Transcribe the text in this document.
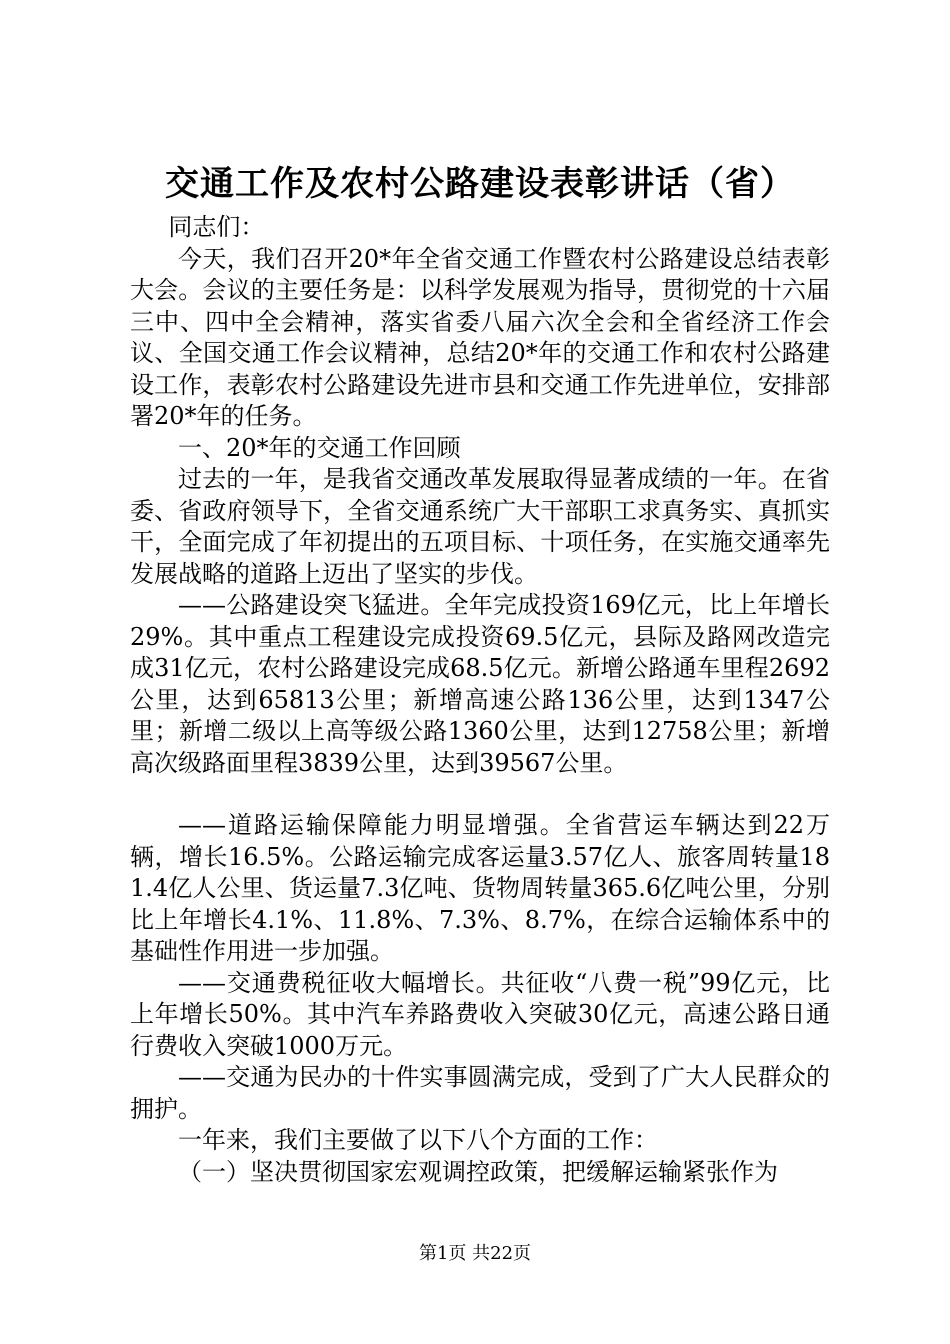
交通工作及农村公路建设表彰讲话（省）

同志们：

今天，我们召开20*年全省交通工作暨农村公路建设总结表彰大会。会议的主要任务是：以科学发展观为指导，贯彻党的十六届三中、四中全会精神，落实省委八届六次全会和全省经济工作会议、全国交通工作会议精神，总结20*年的交通工作和农村公路建设工作，表彰农村公路建设先进市县和交通工作先进单位，安排部署20*年的任务。

一、20*年的交通工作回顾

过去的一年，是我省交通改革发展取得显著成绩的一年。在省委、省政府领导下，全省交通系统广大干部职工求真务实、真抓实干，全面完成了年初提出的五项目标、十项任务，在实施交通率先发展战略的道路上迈出了坚实的步伐。

——公路建设突飞猛进。全年完成投资169亿元，比上年增长29%。其中重点工程建设完成投资69.5亿元，县际及路网改造完成31亿元，农村公路建设完成68.5亿元。新增公路通车里程2692公里，达到65813公里；新增高速公路136公里，达到1347公里；新增二级以上高等级公路1360公里，达到12758公里；新增高次级路面里程3839公里，达到39567公里。

——道路运输保障能力明显增强。全省营运车辆达到22万辆，增长16.5%。公路运输完成客运量3.57亿人、旅客周转量181.4亿人公里、货运量7.3亿吨、货物周转量365.6亿吨公里，分别比上年增长4.1%、11.8%、7.3%、8.7%，在综合运输体系中的基础性作用进一步加强。

——交通费税征收大幅增长。共征收“八费一税”99亿元，比上年增长50%。其中汽车养路费收入突破30亿元，高速公路日通行费收入突破1000万元。

——交通为民办的十件实事圆满完成，受到了广大人民群众的拥护。

一年来，我们主要做了以下八个方面的工作：

（一）坚决贯彻国家宏观调控政策，把缓解运输紧张作为

第1页 共22页
